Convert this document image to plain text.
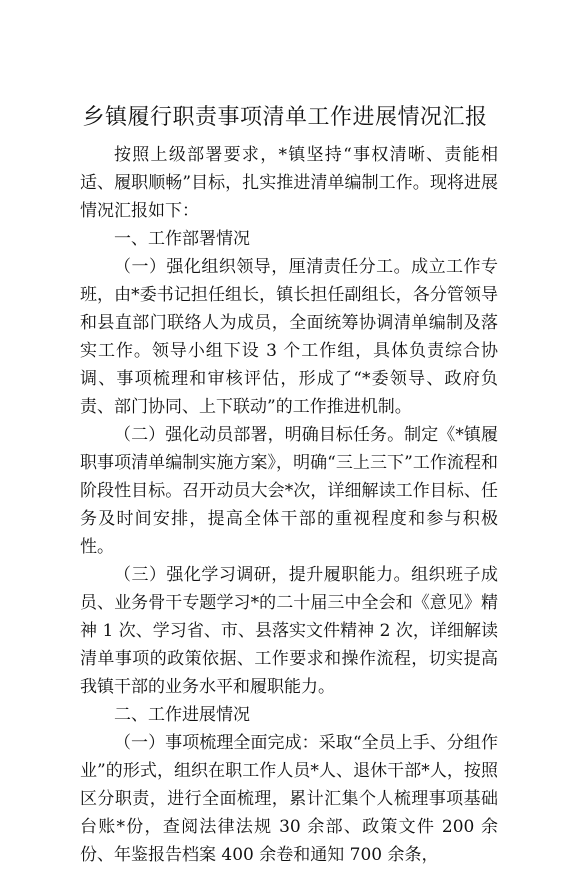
乡镇履行职责事项清单工作进展情况汇报

按照上级部署要求，*镇坚持“事权清晰、责能相适、履职顺畅”目标，扎实推进清单编制工作。现将进展情况汇报如下：

一、工作部署情况

（一）强化组织领导，厘清责任分工。成立工作专班，由*委书记担任组长，镇长担任副组长，各分管领导和县直部门联络人为成员，全面统筹协调清单编制及落实工作。领导小组下设 3 个工作组，具体负责综合协调、事项梳理和审核评估，形成了“*委领导、政府负责、部门协同、上下联动”的工作推进机制。

（二）强化动员部署，明确目标任务。制定《*镇履职事项清单编制实施方案》，明确“三上三下”工作流程和阶段性目标。召开动员大会*次，详细解读工作目标、任务及时间安排，提高全体干部的重视程度和参与积极性。

（三）强化学习调研，提升履职能力。组织班子成员、业务骨干专题学习*的二十届三中全会和《意见》精神 1 次、学习省、市、县落实文件精神 2 次，详细解读清单事项的政策依据、工作要求和操作流程，切实提高我镇干部的业务水平和履职能力。

二、工作进展情况

（一）事项梳理全面完成：采取“全员上手、分组作业”的形式，组织在职工作人员*人、退休干部*人，按照区分职责，进行全面梳理，累计汇集个人梳理事项基础台账*份，查阅法律法规 30 余部、政策文件 200 余份、年鉴报告档案 400 余卷和通知 700 余条，
